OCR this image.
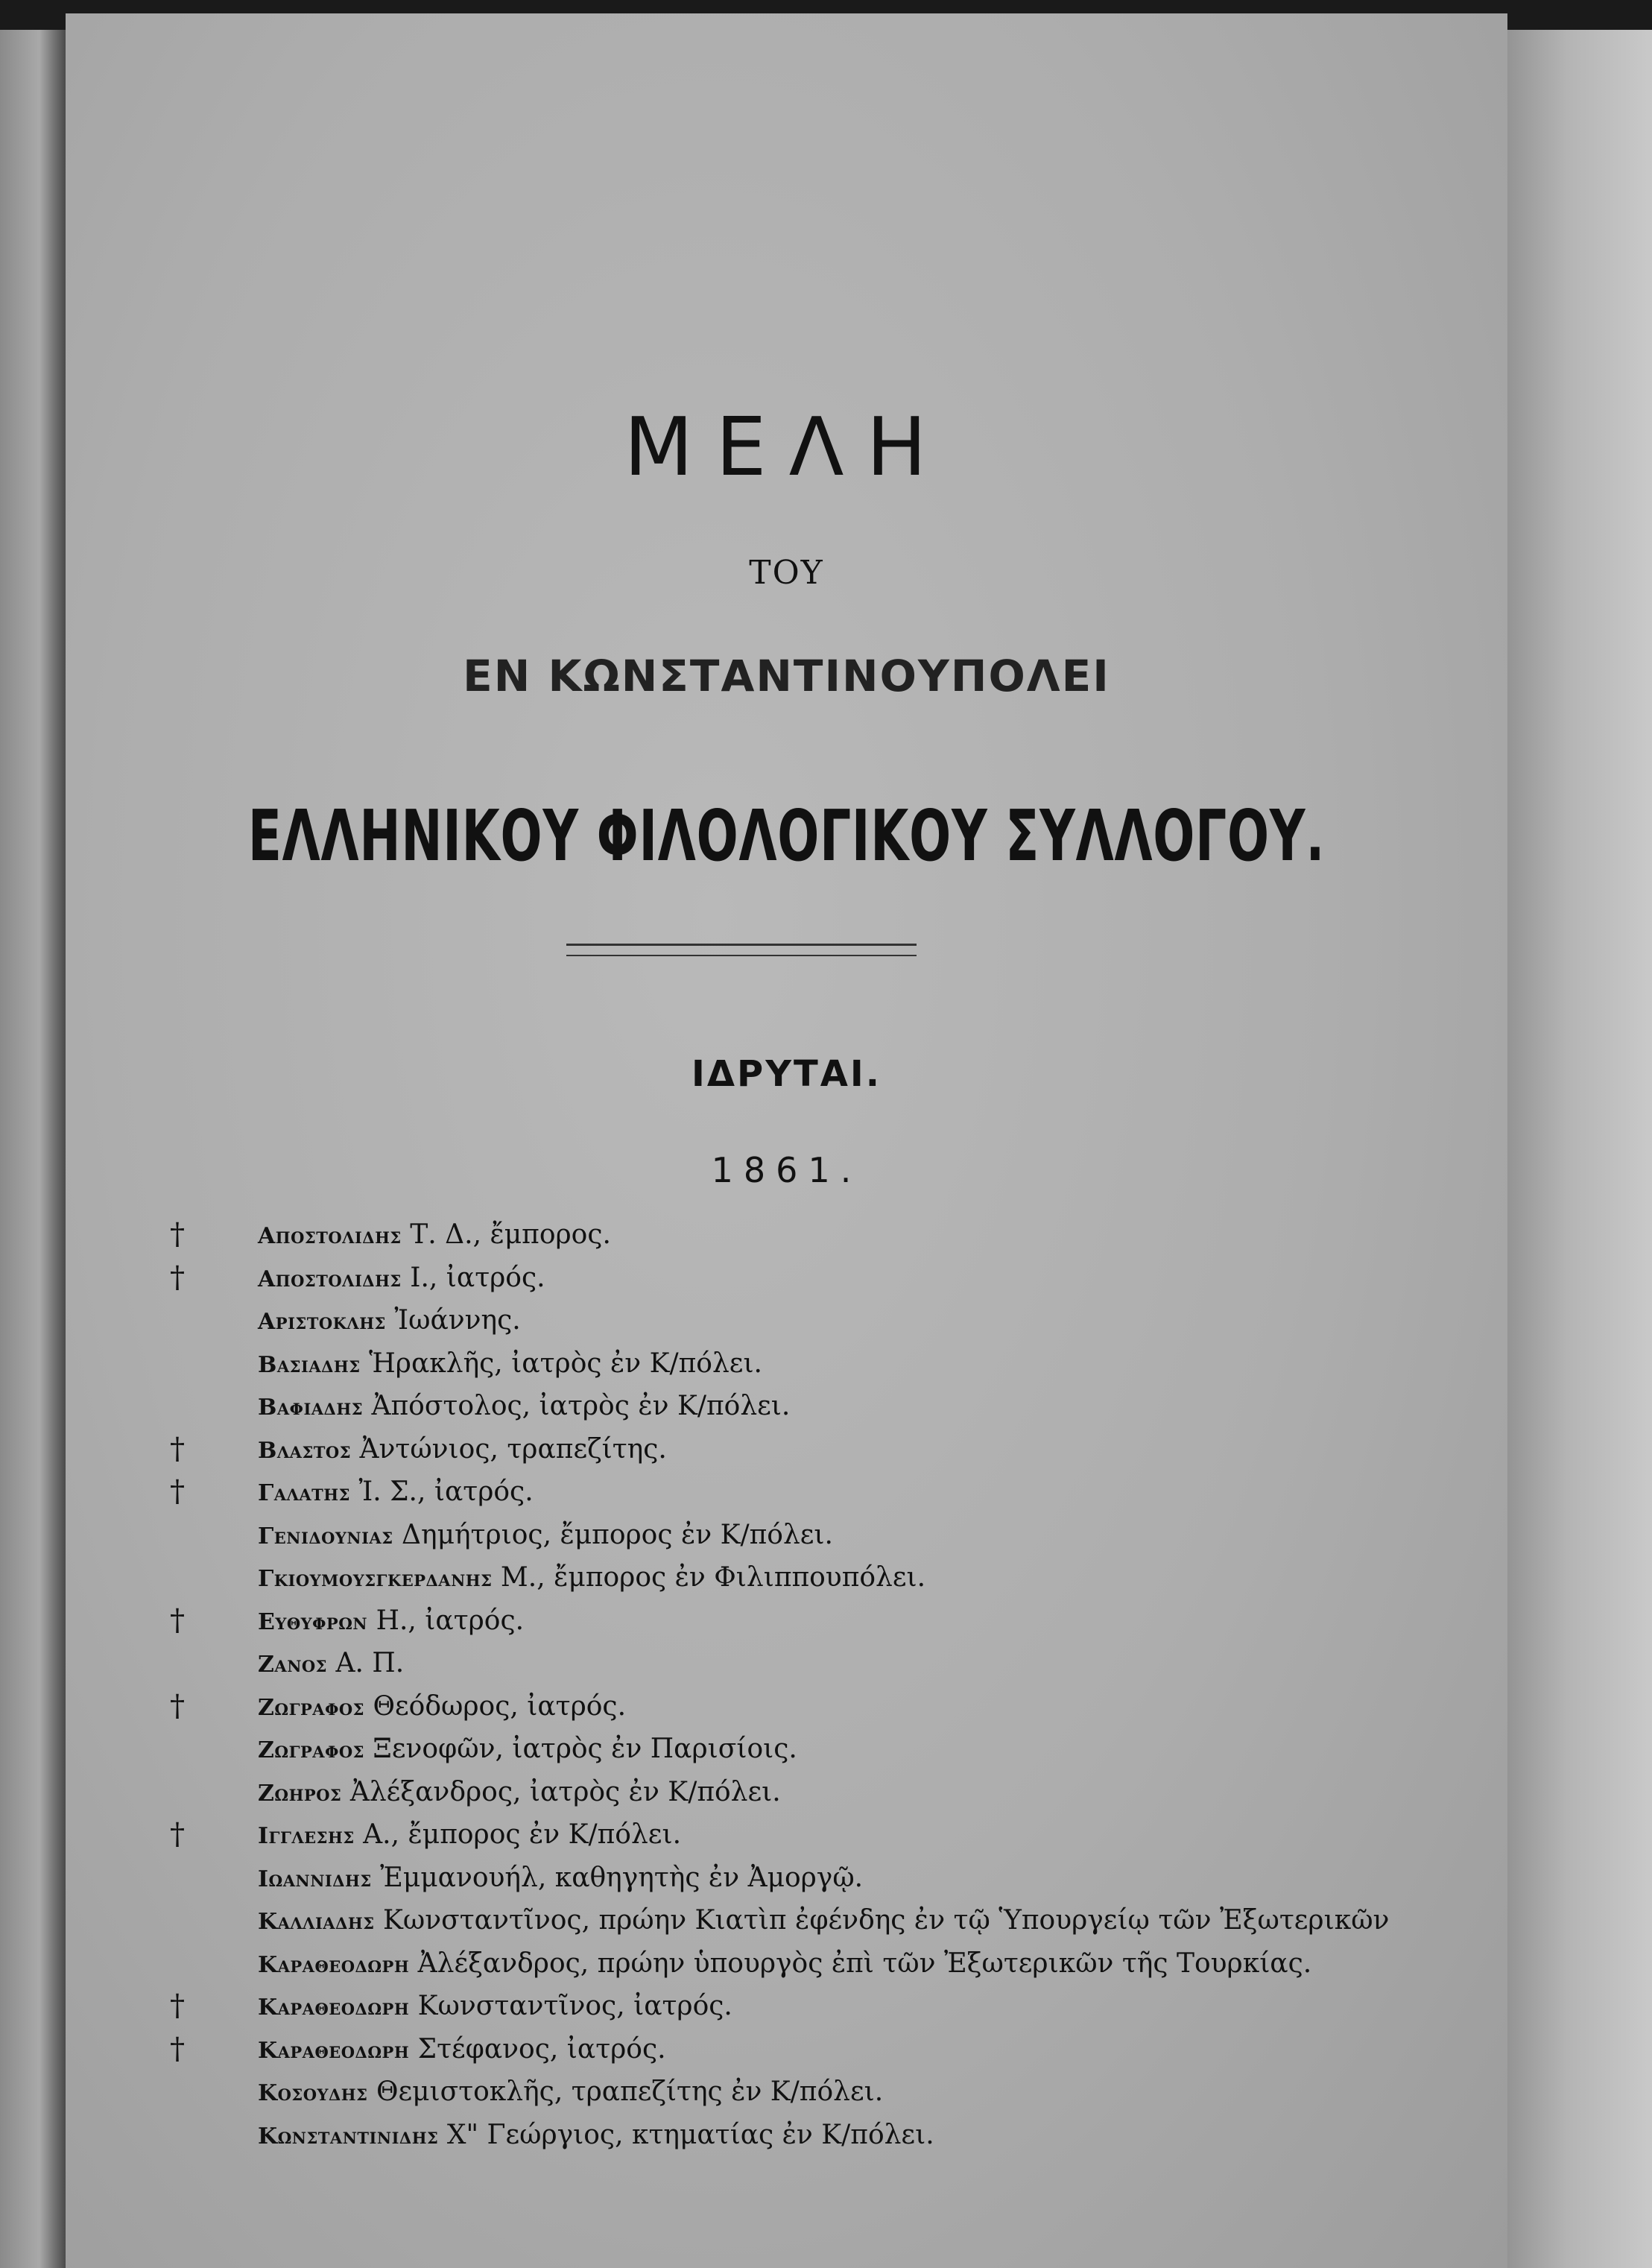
ΜΕΛΗ
ΤΟΥ
ΕΝ ΚΩΝΣΤΑΝΤΙΝΟΥΠΟΛΕΙ
ΕΛΛΗΝΙΚΟΥ ΦΙΛΟΛΟΓΙΚΟΥ ΣΥΛΛΟΓΟΥ.
ΙΔΡΥΤΑΙ.
1861.
†	Αποστολιδης Τ. Δ., ἔμπορος.
†	Αποστολιδης Ι., ἰατρός.
Αριστοκλης Ἰωάννης.
Βασιαδης Ἡρακλῆς, ἰατρὸς ἐν Κ/πόλει.
Βαφιαδης Ἀπόστολος, ἰατρὸς ἐν Κ/πόλει.
†	Βλαστος Ἀντώνιος, τραπεζίτης.
†	Γαλατης Ἰ. Σ., ἰατρός.
Γενιδουνιας Δημήτριος, ἔμπορος ἐν Κ/πόλει.
Γκιουμουσγκερδανης Μ., ἔμπορος ἐν Φιλιππουπόλει.
†	Ευθυφρων Η., ἰατρός.
Ζανος Α. Π.
†	Ζωγραφος Θεόδωρος, ἰατρός.
Ζωγραφος Ξενοφῶν, ἰατρὸς ἐν Παρισίοις.
Ζωηρος Ἀλέξανδρος, ἰατρὸς ἐν Κ/πόλει.
†	Ιγγλεσης Α., ἔμπορος ἐν Κ/πόλει.
Ιωαννιδης Ἐμμανουήλ, καθηγητὴς ἐν Ἀμοργῷ.
Καλλιαδης Κωνσταντῖνος, πρώην Κιατὶπ ἐφένδης ἐν τῷ Ὑπουργείῳ τῶν Ἐξωτερικῶν
Καραθεοδωρη Ἀλέξανδρος, πρώην ὑπουργὸς ἐπὶ τῶν Ἐξωτερικῶν τῆς Τουρκίας.
†	Καραθεοδωρη Κωνσταντῖνος, ἰατρός.
†	Καραθεοδωρη Στέφανος, ἰατρός.
Κοσουδης Θεμιστοκλῆς, τραπεζίτης ἐν Κ/πόλει.
Κωνσταντινιδης Χ" Γεώργιος, κτηματίας ἐν Κ/πόλει.
